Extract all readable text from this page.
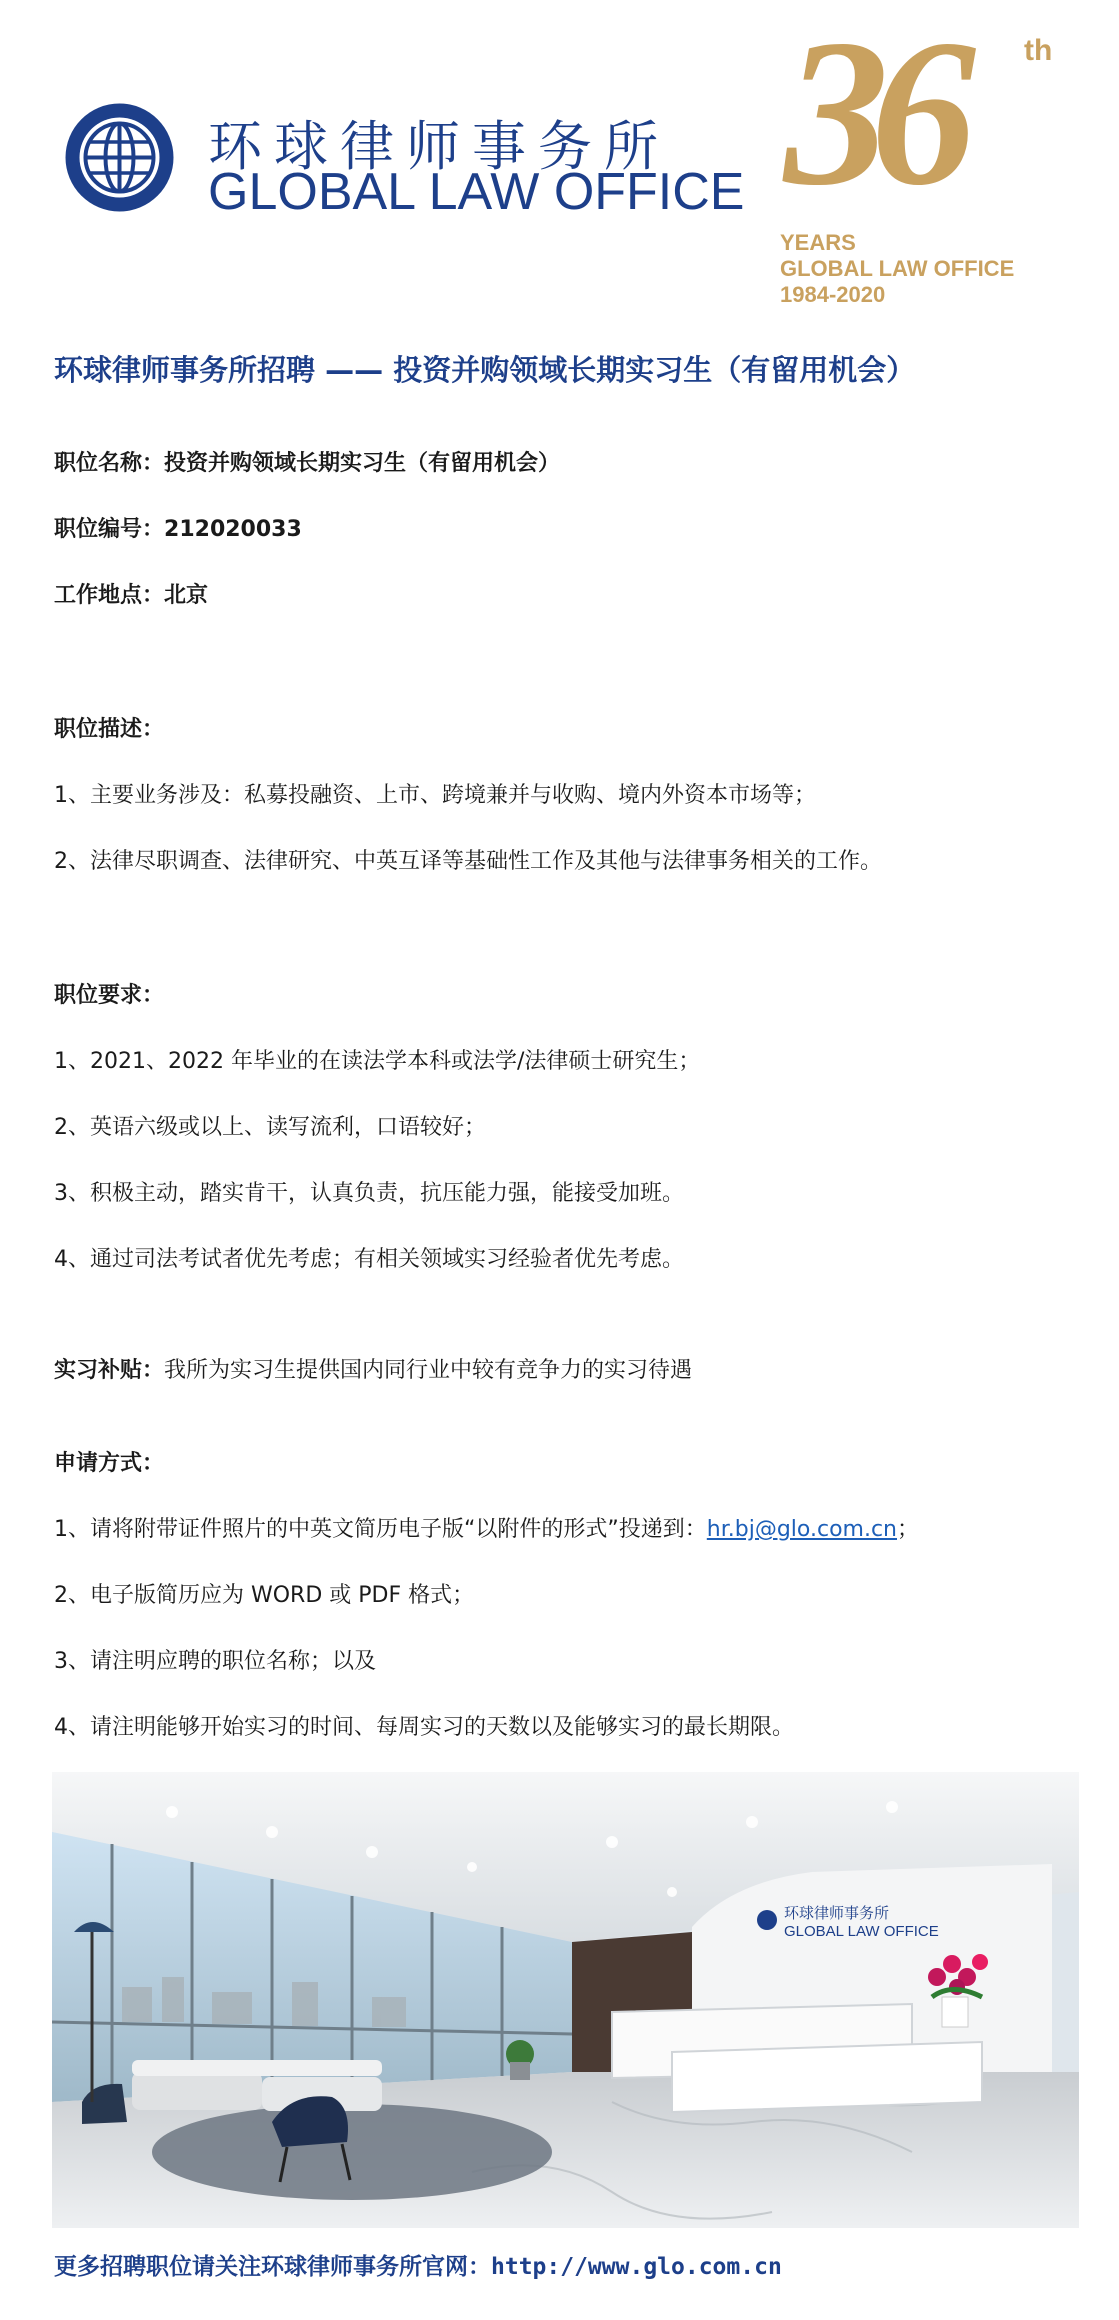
环球律师事务所
GLOBAL LAW OFFICE 36 th
YEARS
GLOBAL LAW OFFICE
1984-2020
环球律师事务所招聘 —— 投资并购领域长期实习生（有留用机会）
职位名称：投资并购领域长期实习生（有留用机会）
职位编号：212020033
工作地点：北京
职位描述：
1、主要业务涉及：私募投融资、上市、跨境兼并与收购、境内外资本市场等；
2、法律尽职调查、法律研究、中英互译等基础性工作及其他与法律事务相关的工作。
职位要求：
1、2021、2022 年毕业的在读法学本科或法学/法律硕士研究生；
2、英语六级或以上、读写流利，口语较好；
3、积极主动，踏实肯干，认真负责，抗压能力强，能接受加班。
4、通过司法考试者优先考虑；有相关领域实习经验者优先考虑。
实习补贴：我所为实习生提供国内同行业中较有竞争力的实习待遇
申请方式：
1、请将附带证件照片的中英文简历电子版“以附件的形式”投递到：hr.bj@glo.com.cn；
2、电子版简历应为 WORD 或 PDF 格式；
3、请注明应聘的职位名称；以及
4、请注明能够开始实习的时间、每周实习的天数以及能够实习的最长期限。
环球律师事务所
GLOBAL LAW OFFICE
更多招聘职位请关注环球律师事务所官网：http://www.glo.com.cn
